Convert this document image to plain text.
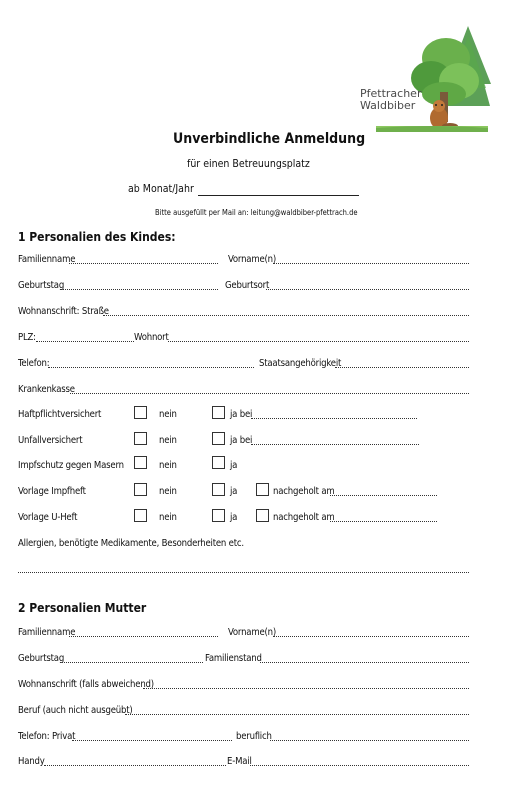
Pfettracher
Waldbiber
Unverbindliche Anmeldung
für einen Betreuungsplatz
ab Monat/Jahr
Bitte ausgefüllt per Mail an: leitung@waldbiber-pfettrach.de
1 Personalien des Kindes:
Familienname	Vorname(n)
Geburtstag	Geburtsort
Wohnanschrift: Straße
PLZ:	Wohnort
Telefon:	Staatsangehörigkeit
Krankenkasse
Haftpflichtversichert	nein	ja bei
Unfallversichert	nein	ja bei
Impfschutz gegen Masern	nein	ja
Vorlage Impfheft	nein	ja	nachgeholt am
Vorlage U-Heft	nein	ja	nachgeholt am
Allergien, benötigte Medikamente, Besonderheiten etc.
2 Personalien Mutter
Familienname	Vorname(n)
Geburtstag	Familienstand
Wohnanschrift (falls abweichend)
Beruf (auch nicht ausgeübt)
Telefon: Privat	beruflich
Handy	E-Mail
